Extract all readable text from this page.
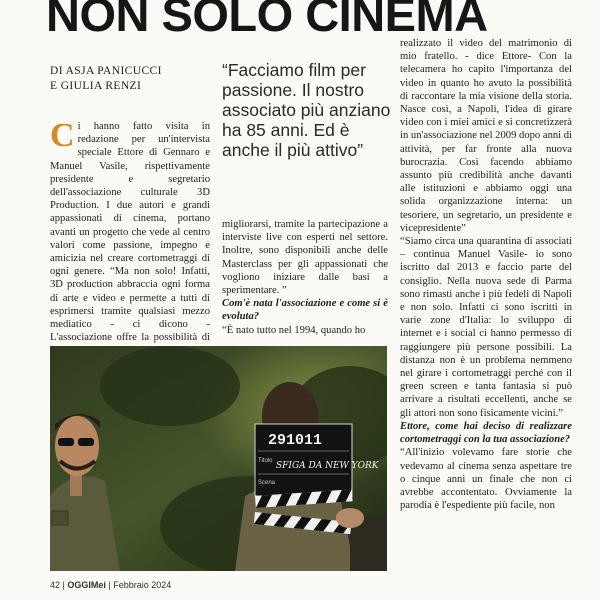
NON SOLO CINEMA
DI ASJA PANICUCCI
E GIULIA RENZI
“Facciamo film per passione. Il nostro associato più anziano ha 85 anni. Ed è anche il più attivo”
C i hanno fatto visita in redazione per un'intervista speciale Ettore di Gennaro e Manuel Vasile, rispettivamente presidente e segretario dell'associazione culturale 3D Production. I due autori e grandi appassionati di cinema, portano avanti un progetto che vede al centro valori come passione, impegno e amicizia nel creare cortometraggi di ogni genere. “Ma non solo! Infatti, 3D production abbraccia ogni forma di arte e video e permette a tutti di esprimersi tramite qualsiasi mezzo mediatico - ci dicono - L'associazione offre la possibilità di

migliorarsi, tramite la partecipazione a interviste live con esperti nel settore. Inoltre, sono disponibili anche delle Masterclass per gli appassionati che vogliono iniziare dalle basi a sperimentare. ”

Com'è nata l'associazione e come si è evoluta?

“È nato tutto nel 1994, quando ho

realizzato il video del matrimonio di mio fratello. - dice Ettore- Con la telecamera ho capito l'importanza del video in quanto ho avuto la possibilità di raccontare la mia visione della storia. Nasce così, a Napoli, l'idea di girare video con i miei amici e si concretizzerà in un'associazione nel 2009 dopo anni di attività, per far fronte alla nuova burocrazia. Così facendo abbiamo assunto più credibilità anche davanti alle istituzioni e abbiamo oggi una solida organizzazione interna: un tesoriere, un segretario, un presidente e vicepresidente”

“Siamo circa una quarantina di associati – continua Manuel Vasile- io sono iscritto dal 2013 e faccio parte del consiglio. Nella nuova sede di Parma sono rimasti anche i più fedeli di Napoli e non solo. Infatti ci sono iscritti in varie zone d'Italia: lo sviluppo di internet e i social ci hanno permesso di raggiungere più persone possibili. La distanza non è un problema nemmeno nel girare i cortometraggi perché con il green screen e tanta fantasia si può arrivare a risultati eccellenti, anche se gli attori non sono fisicamente vicini.”

Ettore, come hai deciso di realizzare cortometraggi con la tua associazione?

“All'inizio volevamo fare storie che vedevamo al cinema senza aspettare tre o cinque anni un finale che non ci avrebbe accontentato. Ovviamente la parodia è l'espediente più facile, non

291011
Titolo SFIGA DA NEW YORK
Scena
42 | OGGIMei | Febbraio 2024
